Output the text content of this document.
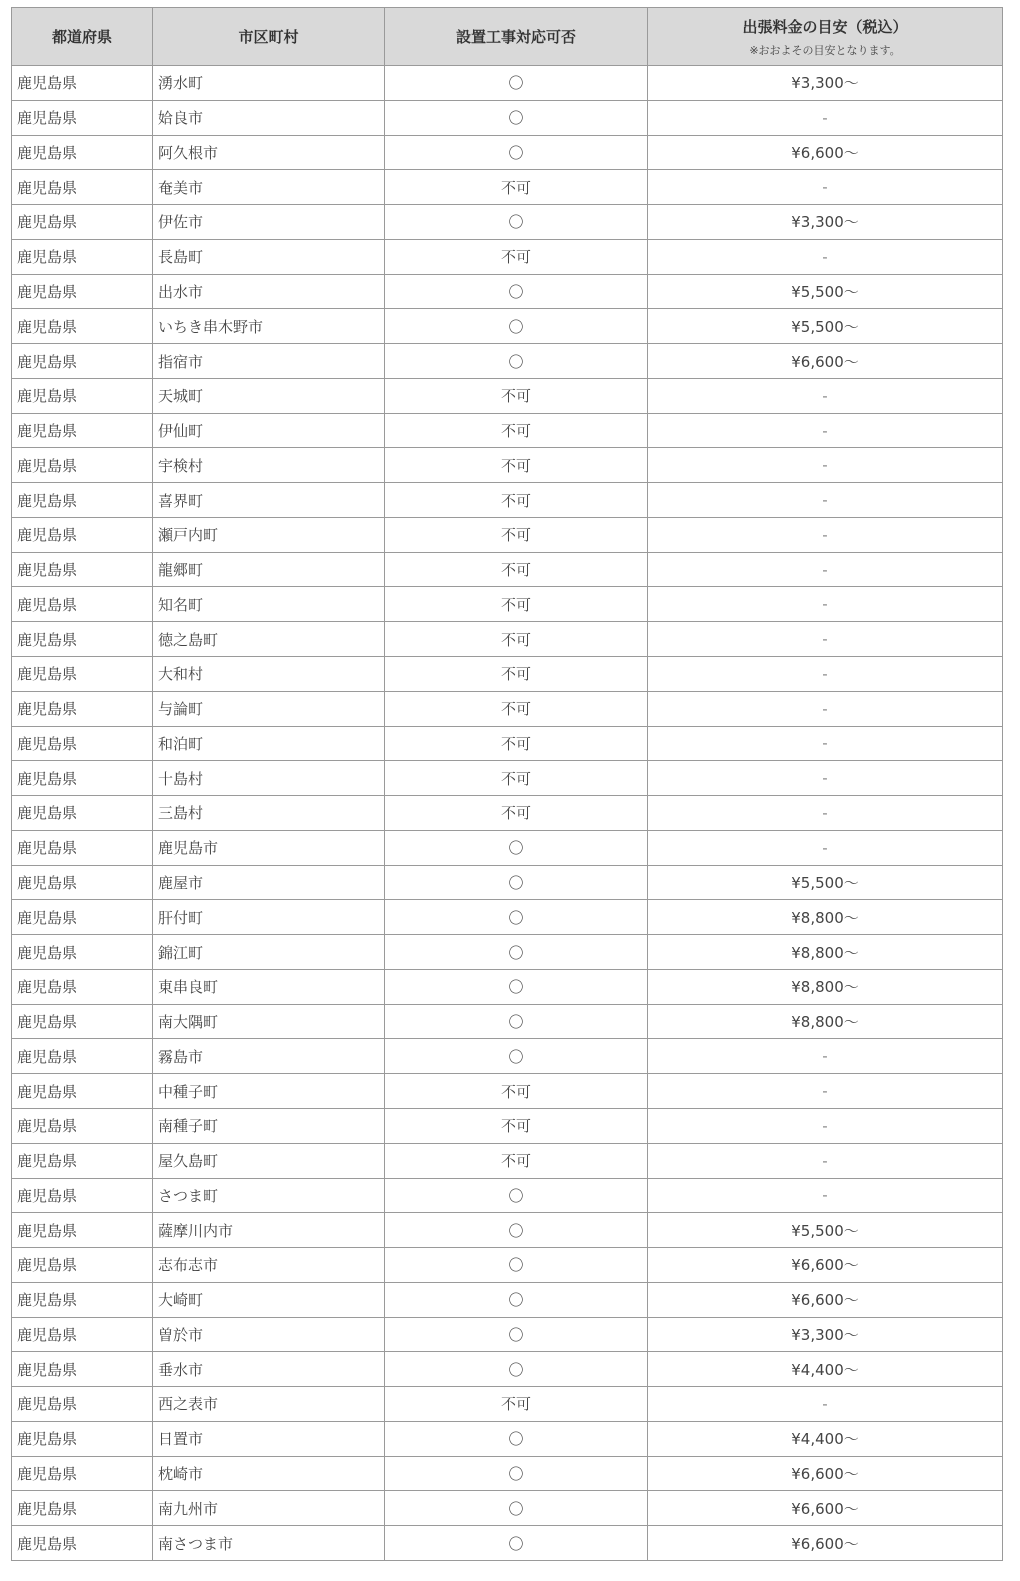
都道府県	市区町村	設置工事対応可否	出張料金の目安（税込）
※おおよその目安となります。

鹿児島県	湧水町	〇	¥3,300～
鹿児島県	姶良市	〇	-
鹿児島県	阿久根市	〇	¥6,600～
鹿児島県	奄美市	不可	-
鹿児島県	伊佐市	〇	¥3,300～
鹿児島県	長島町	不可	-
鹿児島県	出水市	〇	¥5,500～
鹿児島県	いちき串木野市	〇	¥5,500～
鹿児島県	指宿市	〇	¥6,600～
鹿児島県	天城町	不可	-
鹿児島県	伊仙町	不可	-
鹿児島県	宇検村	不可	-
鹿児島県	喜界町	不可	-
鹿児島県	瀬戸内町	不可	-
鹿児島県	龍郷町	不可	-
鹿児島県	知名町	不可	-
鹿児島県	徳之島町	不可	-
鹿児島県	大和村	不可	-
鹿児島県	与論町	不可	-
鹿児島県	和泊町	不可	-
鹿児島県	十島村	不可	-
鹿児島県	三島村	不可	-
鹿児島県	鹿児島市	〇	-
鹿児島県	鹿屋市	〇	¥5,500～
鹿児島県	肝付町	〇	¥8,800～
鹿児島県	錦江町	〇	¥8,800～
鹿児島県	東串良町	〇	¥8,800～
鹿児島県	南大隅町	〇	¥8,800～
鹿児島県	霧島市	〇	-
鹿児島県	中種子町	不可	-
鹿児島県	南種子町	不可	-
鹿児島県	屋久島町	不可	-
鹿児島県	さつま町	〇	-
鹿児島県	薩摩川内市	〇	¥5,500～
鹿児島県	志布志市	〇	¥6,600～
鹿児島県	大崎町	〇	¥6,600～
鹿児島県	曽於市	〇	¥3,300～
鹿児島県	垂水市	〇	¥4,400～
鹿児島県	西之表市	不可	-
鹿児島県	日置市	〇	¥4,400～
鹿児島県	枕崎市	〇	¥6,600～
鹿児島県	南九州市	〇	¥6,600～
鹿児島県	南さつま市	〇	¥6,600～
